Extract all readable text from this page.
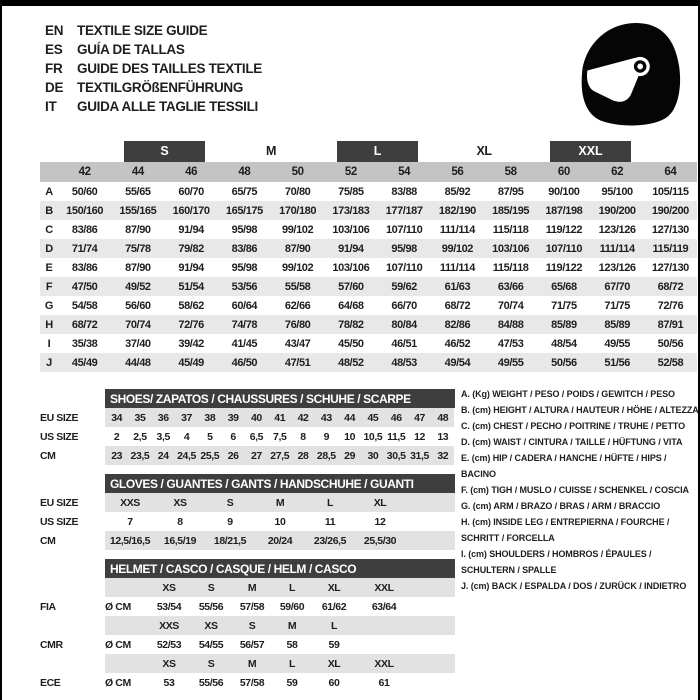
EN	TEXTILE SIZE GUIDE
ES	GUÍA DE TALLAS
FR	GUIDE DES TAILLES TEXTILE
DE	TEXTILGRÖßENFÜHRUNG
IT	GUIDA ALLE TAGLIE TESSILI

		S		M		L		XL		XXL		

	42	44	46	48	50	52	54	56	58	60	62	64
A	50/60	55/65	60/70	65/75	70/80	75/85	83/88	85/92	87/95	90/100	95/100	105/115
B	150/160	155/165	160/170	165/175	170/180	173/183	177/187	182/190	185/195	187/198	190/200	190/200
C	83/86	87/90	91/94	95/98	99/102	103/106	107/110	111/114	115/118	119/122	123/126	127/130
D	71/74	75/78	79/82	83/86	87/90	91/94	95/98	99/102	103/106	107/110	111/114	115/119
E	83/86	87/90	91/94	95/98	99/102	103/106	107/110	111/114	115/118	119/122	123/126	127/130
F	47/50	49/52	51/54	53/56	55/58	57/60	59/62	61/63	63/66	65/68	67/70	68/72
G	54/58	56/60	58/62	60/64	62/66	64/68	66/70	68/72	70/74	71/75	71/75	72/76
H	68/72	70/74	72/76	74/78	76/80	78/82	80/84	82/86	84/88	85/89	85/89	87/91
I	35/38	37/40	39/42	41/45	43/47	45/50	46/51	46/52	47/53	48/54	49/55	50/56
J	45/49	44/48	45/49	46/50	47/51	48/52	48/53	49/54	49/55	50/56	51/56	52/58
	SHOES/ ZAPATOS / CHAUSSURES / SCHUHE / SCARPE														
EU SIZE	34	35	36	37	38	39	40	41	42	43	44	45	46	47	48
US SIZE	2	2,5	3,5	4	5	6	6,5	7,5	8	9	10	10,5	11,5	12	13
CM	23	23,5	24	24,5	25,5	26	27	27,5	28	28,5	29	30	30,5	31,5	32
	GLOVES / GUANTES / GANTS / HANDSCHUHE / GUANTI						
EU SIZE	XXS	XS	S	M	L	XL	
US SIZE	7	8	9	10	11	12	
CM	12,5/16,5	16,5/19	18/21,5	20/24	23/26,5	25,5/30	
	HELMET / CASCO / CASQUE / HELM / CASCO							
		XS	S	M	L	XL	XXL	
FIA	Ø CM	53/54	55/56	57/58	59/60	61/62	63/64	
		XXS	XS	S	M	L		
CMR	Ø CM	52/53	54/55	56/57	58	59		
		XS	S	M	L	XL	XXL	
ECE	Ø CM	53	55/56	57/58	59	60	61	
A. (Kg) WEIGHT / PESO / POIDS / GEWITCH / PESO
B. (cm) HEIGHT / ALTURA / HAUTEUR / HÖHE / ALTEZZA
C. (cm) CHEST / PECHO / POITRINE / TRUHE / PETTO
D. (cm) WAIST / CINTURA / TAILLE / HÜFTUNG / VITA
E. (cm) HIP / CADERA / HANCHE / HÜFTE / HIPS / BACINO
F. (cm) TIGH / MUSLO / CUISSE / SCHENKEL / COSCIA
G. (cm) ARM / BRAZO / BRAS / ARM / BRACCIO
H. (cm) INSIDE LEG / ENTREPIERNA / FOURCHE / SCHRITT / FORCELLA
I. (cm) SHOULDERS / HOMBROS / ÉPAULES / SCHULTERN / SPALLE
J. (cm) BACK / ESPALDA / DOS / ZURÜCK / INDIETRO
